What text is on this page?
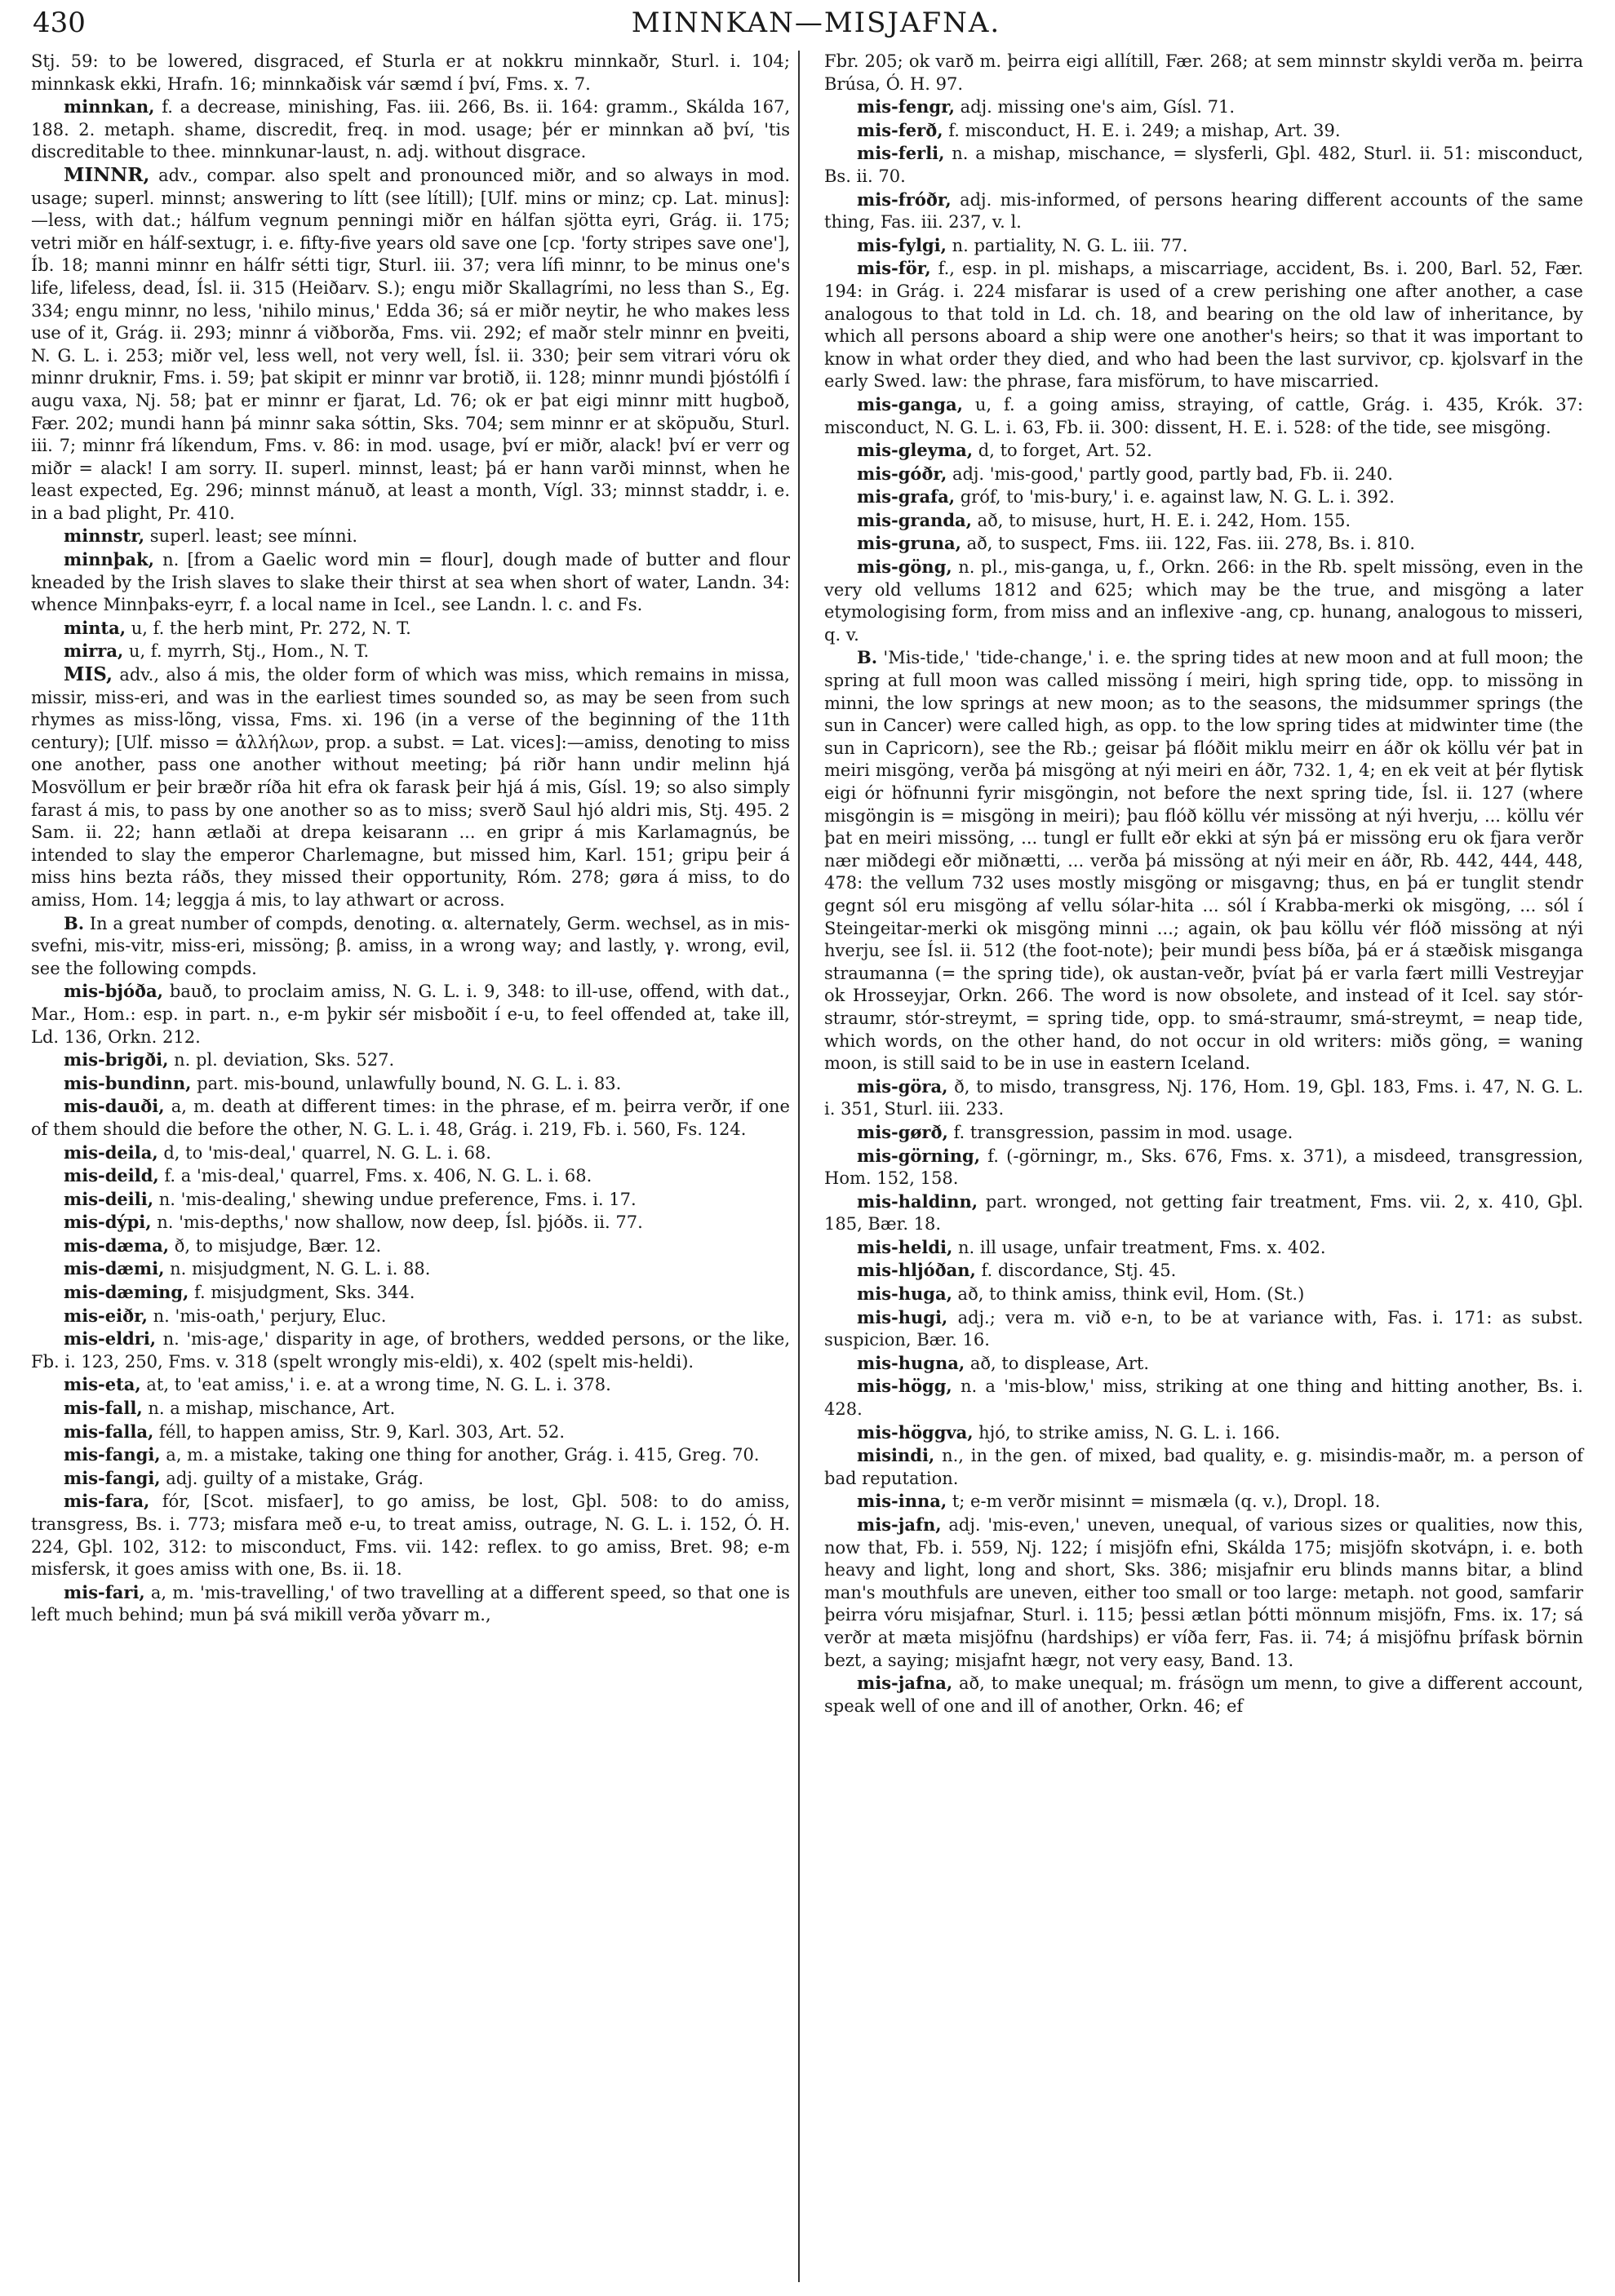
430	MINNKAN—MISJAFNA.

Stj. 59: to be lowered, disgraced, ef Sturla er at nokkru minnkaðr, Sturl. i. 104; minnkask ekki, Hrafn. 16; minnkaðisk vár sæmd í því, Fms. x. 7.

minnkan, f. a decrease, minishing, Fas. iii. 266, Bs. ii. 164: gramm., Skálda 167, 188. 2. metaph. shame, discredit, freq. in mod. usage; þér er minnkan að því, 'tis discreditable to thee. minnkunar-laust, n. adj. without disgrace.

MINNR, adv., compar. also spelt and pronounced miðr, and so always in mod. usage; superl. minnst; answering to lítt (see lítill); [Ulf. mins or minz; cp. Lat. minus]:—less, with dat.; hálfum vegnum penningi miðr en hálfan sjötta eyri, Grág. ii. 175; vetri miðr en hálf-sextugr, i. e. fifty-five years old save one [cp. 'forty stripes save one'], Íb. 18; manni minnr en hálfr sétti tigr, Sturl. iii. 37; vera lífi minnr, to be minus one's life, lifeless, dead, Ísl. ii. 315 (Heiðarv. S.); engu miðr Skallagrími, no less than S., Eg. 334; engu minnr, no less, 'nihilo minus,' Edda 36; sá er miðr neytir, he who makes less use of it, Grág. ii. 293; minnr á viðborða, Fms. vii. 292; ef maðr stelr minnr en þveiti, N. G. L. i. 253; miðr vel, less well, not very well, Ísl. ii. 330; þeir sem vitrari vóru ok minnr druknir, Fms. i. 59; þat skipit er minnr var brotið, ii. 128; minnr mundi þjóstólfi í augu vaxa, Nj. 58; þat er minnr er fjarat, Ld. 76; ok er þat eigi minnr mitt hugboð, Fær. 202; mundi hann þá minnr saka sóttin, Sks. 704; sem minnr er at sköpuðu, Sturl. iii. 7; minnr frá líkendum, Fms. v. 86: in mod. usage, því er miðr, alack! því er verr og miðr = alack! I am sorry. II. superl. minnst, least; þá er hann varði minnst, when he least expected, Eg. 296; minnst mánuð, at least a month, Vígl. 33; minnst staddr, i. e. in a bad plight, Pr. 410.

minnstr, superl. least; see mínni.

minnþak, n. [from a Gaelic word min = flour], dough made of butter and flour kneaded by the Irish slaves to slake their thirst at sea when short of water, Landn. 34: whence Minnþaks-eyrr, f. a local name in Icel., see Landn. l. c. and Fs.

minta, u, f. the herb mint, Pr. 272, N. T.

mirra, u, f. myrrh, Stj., Hom., N. T.

MIS, adv., also á mis, the older form of which was miss, which remains in missa, missir, miss-eri, and was in the earliest times sounded so, as may be seen from such rhymes as miss-lõng, vissa, Fms. xi. 196 (in a verse of the beginning of the 11th century); [Ulf. misso = ἀλλήλων, prop. a subst. = Lat. vices]:—amiss, denoting to miss one another, pass one another without meeting; þá riðr hann undir melinn hjá Mosvöllum er þeir bræðr ríða hit efra ok farask þeir hjá á mis, Gísl. 19; so also simply farast á mis, to pass by one another so as to miss; sverð Saul hjó aldri mis, Stj. 495. 2 Sam. ii. 22; hann ætlaði at drepa keisarann ... en gripr á mis Karlamagnús, be intended to slay the emperor Charlemagne, but missed him, Karl. 151; gripu þeir á miss hins bezta ráðs, they missed their opportunity, Róm. 278; gøra á miss, to do amiss, Hom. 14; leggja á mis, to lay athwart or across.

B. In a great number of compds, denoting. α. alternately, Germ. wechsel, as in mis-svefni, mis-vitr, miss-eri, missöng; β. amiss, in a wrong way; and lastly, γ. wrong, evil, see the following compds.

mis-bjóða, bauð, to proclaim amiss, N. G. L. i. 9, 348: to ill-use, offend, with dat., Mar., Hom.: esp. in part. n., e-m þykir sér misboðit í e-u, to feel offended at, take ill, Ld. 136, Orkn. 212.

mis-brigði, n. pl. deviation, Sks. 527.

mis-bundinn, part. mis-bound, unlawfully bound, N. G. L. i. 83.

mis-dauði, a, m. death at different times: in the phrase, ef m. þeirra verðr, if one of them should die before the other, N. G. L. i. 48, Grág. i. 219, Fb. i. 560, Fs. 124.

mis-deila, d, to 'mis-deal,' quarrel, N. G. L. i. 68.

mis-deild, f. a 'mis-deal,' quarrel, Fms. x. 406, N. G. L. i. 68.

mis-deili, n. 'mis-dealing,' shewing undue preference, Fms. i. 17.

mis-dýpi, n. 'mis-depths,' now shallow, now deep, Ísl. þjóðs. ii. 77.

mis-dæma, ð, to misjudge, Bær. 12.

mis-dæmi, n. misjudgment, N. G. L. i. 88.

mis-dæming, f. misjudgment, Sks. 344.

mis-eiðr, n. 'mis-oath,' perjury, Eluc.

mis-eldri, n. 'mis-age,' disparity in age, of brothers, wedded persons, or the like, Fb. i. 123, 250, Fms. v. 318 (spelt wrongly mis-eldi), x. 402 (spelt mis-heldi).

mis-eta, at, to 'eat amiss,' i. e. at a wrong time, N. G. L. i. 378.

mis-fall, n. a mishap, mischance, Art.

mis-falla, féll, to happen amiss, Str. 9, Karl. 303, Art. 52.

mis-fangi, a, m. a mistake, taking one thing for another, Grág. i. 415, Greg. 70.

mis-fangi, adj. guilty of a mistake, Grág.

mis-fara, fór, [Scot. misfaer], to go amiss, be lost, Gþl. 508: to do amiss, transgress, Bs. i. 773; misfara með e-u, to treat amiss, outrage, N. G. L. i. 152, Ó. H. 224, Gþl. 102, 312: to misconduct, Fms. vii. 142: reflex. to go amiss, Bret. 98; e-m misfersk, it goes amiss with one, Bs. ii. 18.

mis-fari, a, m. 'mis-travelling,' of two travelling at a different speed, so that one is left much behind; mun þá svá mikill verða yðvarr m.,

Fbr. 205; ok varð m. þeirra eigi allítill, Fær. 268; at sem minnstr skyldi verða m. þeirra Brúsa, Ó. H. 97.

mis-fengr, adj. missing one's aim, Gísl. 71.

mis-ferð, f. misconduct, H. E. i. 249; a mishap, Art. 39.

mis-ferli, n. a mishap, mischance, = slysferli, Gþl. 482, Sturl. ii. 51: misconduct, Bs. ii. 70.

mis-fróðr, adj. mis-informed, of persons hearing different accounts of the same thing, Fas. iii. 237, v. l.

mis-fylgi, n. partiality, N. G. L. iii. 77.

mis-för, f., esp. in pl. mishaps, a miscarriage, accident, Bs. i. 200, Barl. 52, Fær. 194: in Grág. i. 224 misfarar is used of a crew perishing one after another, a case analogous to that told in Ld. ch. 18, and bearing on the old law of inheritance, by which all persons aboard a ship were one another's heirs; so that it was important to know in what order they died, and who had been the last survivor, cp. kjolsvarf in the early Swed. law: the phrase, fara misförum, to have miscarried.

mis-ganga, u, f. a going amiss, straying, of cattle, Grág. i. 435, Krók. 37: misconduct, N. G. L. i. 63, Fb. ii. 300: dissent, H. E. i. 528: of the tide, see misgöng.

mis-gleyma, d, to forget, Art. 52.

mis-góðr, adj. 'mis-good,' partly good, partly bad, Fb. ii. 240.

mis-grafa, gróf, to 'mis-bury,' i. e. against law, N. G. L. i. 392.

mis-granda, að, to misuse, hurt, H. E. i. 242, Hom. 155.

mis-gruna, að, to suspect, Fms. iii. 122, Fas. iii. 278, Bs. i. 810.

mis-göng, n. pl., mis-ganga, u, f., Orkn. 266: in the Rb. spelt missöng, even in the very old vellums 1812 and 625; which may be the true, and misgöng a later etymologising form, from miss and an inflexive -ang, cp. hunang, analogous to misseri, q. v.

B. 'Mis-tide,' 'tide-change,' i. e. the spring tides at new moon and at full moon; the spring at full moon was called missöng í meiri, high spring tide, opp. to missöng in minni, the low springs at new moon; as to the seasons, the midsummer springs (the sun in Cancer) were called high, as opp. to the low spring tides at midwinter time (the sun in Capricorn), see the Rb.; geisar þá flóðit miklu meirr en áðr ok köllu vér þat in meiri misgöng, verða þá misgöng at nýi meiri en áðr, 732. 1, 4; en ek veit at þér flytisk eigi ór höfnunni fyrir misgöngin, not before the next spring tide, Ísl. ii. 127 (where misgöngin is = misgöng in meiri); þau flóð köllu vér missöng at nýi hverju, ... köllu vér þat en meiri missöng, ... tungl er fullt eðr ekki at sýn þá er missöng eru ok fjara verðr nær miðdegi eðr miðnætti, ... verða þá missöng at nýi meir en áðr, Rb. 442, 444, 448, 478: the vellum 732 uses mostly misgöng or misgavng; thus, en þá er tunglit stendr gegnt sól eru misgöng af vellu sólar-hita ... sól í Krabba-merki ok misgöng, ... sól í Steingeitar-merki ok misgöng minni ...; again, ok þau köllu vér flóð missöng at nýi hverju, see Ísl. ii. 512 (the foot-note); þeir mundi þess bíða, þá er á stæðisk misganga straumanna (= the spring tide), ok austan-veðr, þvíat þá er varla fært milli Vestreyjar ok Hrosseyjar, Orkn. 266. The word is now obsolete, and instead of it Icel. say stór-straumr, stór-streymt, = spring tide, opp. to smá-straumr, smá-streymt, = neap tide, which words, on the other hand, do not occur in old writers: miðs göng, = waning moon, is still said to be in use in eastern Iceland.

mis-göra, ð, to misdo, transgress, Nj. 176, Hom. 19, Gþl. 183, Fms. i. 47, N. G. L. i. 351, Sturl. iii. 233.

mis-gørð, f. transgression, passim in mod. usage.

mis-görning, f. (-görningr, m., Sks. 676, Fms. x. 371), a misdeed, transgression, Hom. 152, 158.

mis-haldinn, part. wronged, not getting fair treatment, Fms. vii. 2, x. 410, Gþl. 185, Bær. 18.

mis-heldi, n. ill usage, unfair treatment, Fms. x. 402.

mis-hljóðan, f. discordance, Stj. 45.

mis-huga, að, to think amiss, think evil, Hom. (St.)

mis-hugi, adj.; vera m. við e-n, to be at variance with, Fas. i. 171: as subst. suspicion, Bær. 16.

mis-hugna, að, to displease, Art.

mis-högg, n. a 'mis-blow,' miss, striking at one thing and hitting another, Bs. i. 428.

mis-höggva, hjó, to strike amiss, N. G. L. i. 166.

misindi, n., in the gen. of mixed, bad quality, e. g. misindis-maðr, m. a person of bad reputation.

mis-inna, t; e-m verðr misinnt = mismæla (q. v.), Dropl. 18.

mis-jafn, adj. 'mis-even,' uneven, unequal, of various sizes or qualities, now this, now that, Fb. i. 559, Nj. 122; í misjöfn efni, Skálda 175; misjöfn skotvápn, i. e. both heavy and light, long and short, Sks. 386; misjafnir eru blinds manns bitar, a blind man's mouthfuls are uneven, either too small or too large: metaph. not good, samfarir þeirra vóru misjafnar, Sturl. i. 115; þessi ætlan þótti mönnum misjöfn, Fms. ix. 17; sá verðr at mæta misjöfnu (hardships) er víða ferr, Fas. ii. 74; á misjöfnu þrífask börnin bezt, a saying; misjafnt hægr, not very easy, Band. 13.

mis-jafna, að, to make unequal; m. frásögn um menn, to give a different account, speak well of one and ill of another, Orkn. 46; ef
